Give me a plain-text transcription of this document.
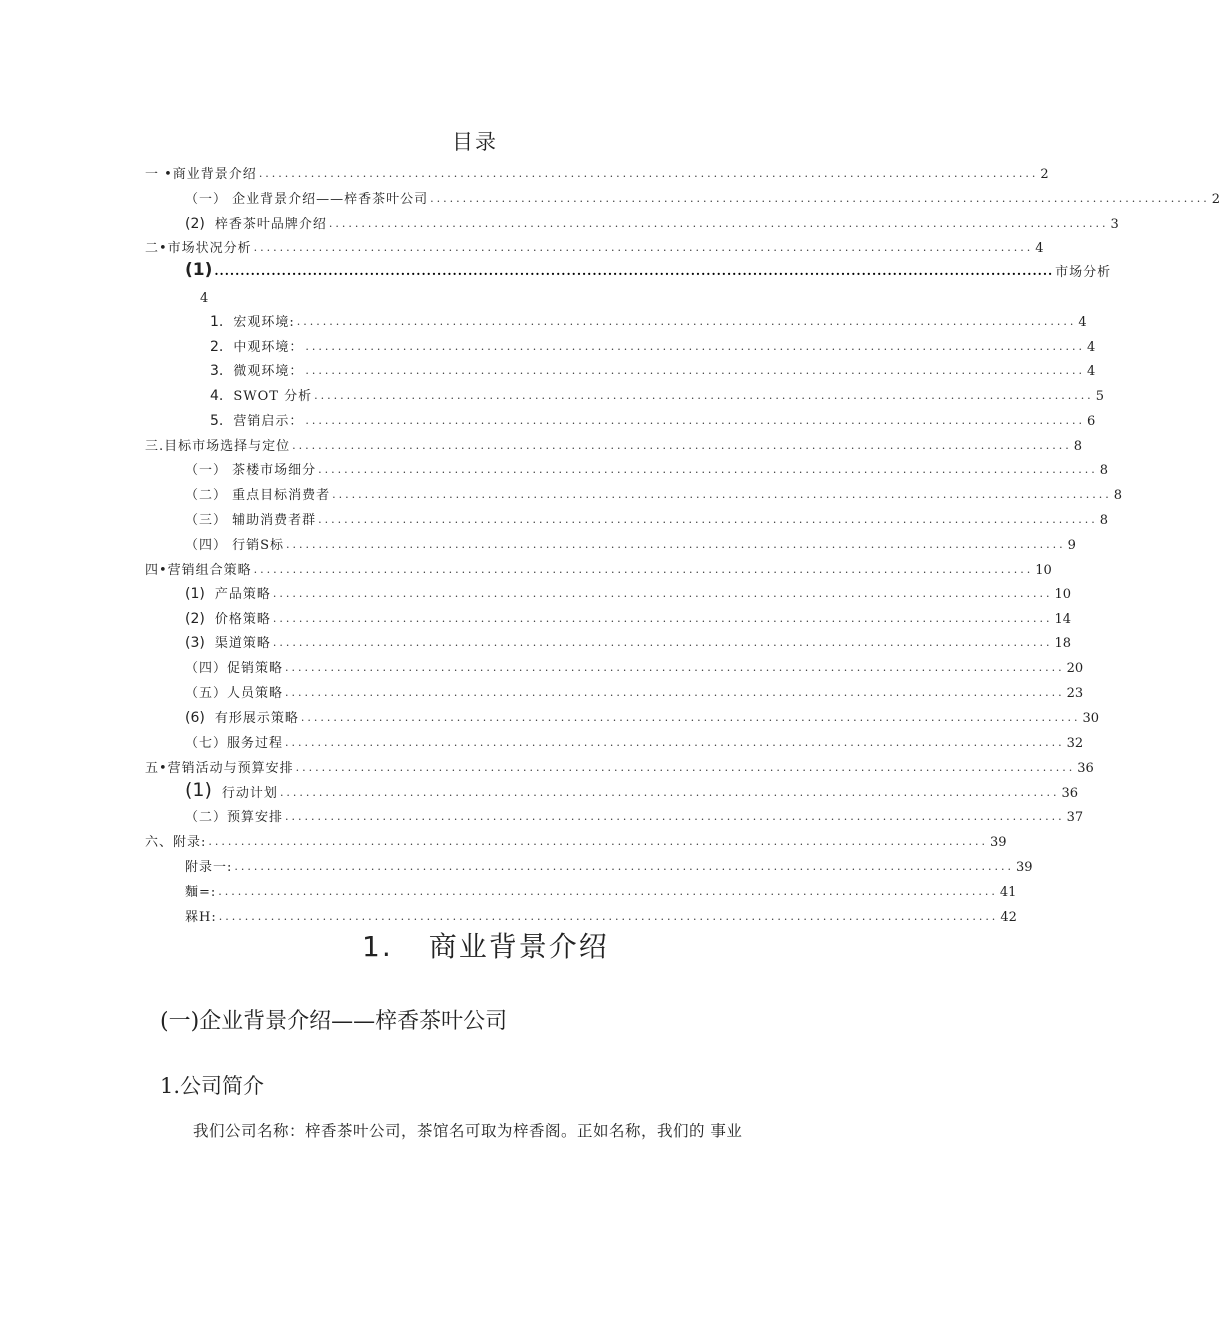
目录
一 •商业背景介绍 ........................................................................................................................ 2
（一） 企业背景介绍——梓香茶叶公司 ........................................................................................................................ 2
(2) 梓香茶叶品牌介绍 ........................................................................................................................ 3
二•市场状况分析 ........................................................................................................................ 4
(1) .................................................................................................................................................................. 市场分析
4
1. 宏观环境: ........................................................................................................................ 4
2. 中观环境： ........................................................................................................................ 4
3. 微观环境： ........................................................................................................................ 4
4. SWOT 分析 ........................................................................................................................ 5
5. 营销启示： ........................................................................................................................ 6
三.目标市场选择与定位 ........................................................................................................................ 8
（一） 茶楼市场细分 ........................................................................................................................ 8
（二） 重点目标消费者 ........................................................................................................................ 8
（三） 辅助消费者群 ........................................................................................................................ 8
（四） 行销S标 ........................................................................................................................ 9
四•营销组合策略 ........................................................................................................................ 10
(1) 产品策略 ........................................................................................................................ 10
(2) 价格策略 ........................................................................................................................ 14
(3) 渠道策略 ........................................................................................................................ 18
（四）促销策略 ........................................................................................................................ 20
（五）人员策略 ........................................................................................................................ 23
(6) 有形展示策略 ........................................................................................................................ 30
（七）服务过程 ........................................................................................................................ 32
五•营销活动与预算安排 ........................................................................................................................ 36
(1) 行动计划 ........................................................................................................................ 36
（二）预算安排 ........................................................................................................................ 37
六、附录: ........................................................................................................................ 39
附录一: ........................................................................................................................ 39
麵=: ........................................................................................................................ 41
槑H: ........................................................................................................................ 42
1. 商业背景介绍
(一)企业背景介绍——梓香茶叶公司
1.公司简介
我们公司名称：梓香茶叶公司，茶馆名可取为梓香阁。正如名称，我们的 事业
